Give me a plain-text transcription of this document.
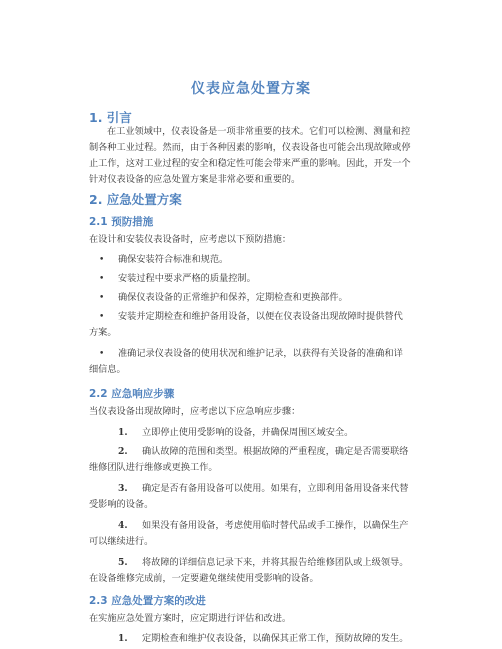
仪表应急处置方案
1. 引言

在工业领域中，仪表设备是一项非常重要的技术。它们可以检测、测量和控制各种工业过程。然而，由于各种因素的影响，仪表设备也可能会出现故障或停止工作，这对工业过程的安全和稳定性可能会带来严重的影响。因此，开发一个针对仪表设备的应急处置方案是非常必要和重要的。

2. 应急处置方案
2.1 预防措施

在设计和安装仪表设备时，应考虑以下预防措施：

• 确保安装符合标准和规范。

• 安装过程中要求严格的质量控制。

• 确保仪表设备的正常维护和保养，定期检查和更换部件。

• 安装并定期检查和维护备用设备，以便在仪表设备出现故障时提供替代方案。

• 准确记录仪表设备的使用状况和维护记录，以获得有关设备的准确和详细信息。

2.2 应急响应步骤

当仪表设备出现故障时，应考虑以下应急响应步骤：

1. 立即停止使用受影响的设备，并确保周围区域安全。

2. 确认故障的范围和类型。根据故障的严重程度，确定是否需要联络维修团队进行维修或更换工作。

3. 确定是否有备用设备可以使用。如果有，立即利用备用设备来代替受影响的设备。

4. 如果没有备用设备，考虑使用临时替代品或手工操作，以确保生产可以继续进行。

5. 将故障的详细信息记录下来，并将其报告给维修团队或上级领导。在设备维修完成前，一定要避免继续使用受影响的设备。

2.3 应急处置方案的改进

在实施应急处置方案时，应定期进行评估和改进。

1. 定期检查和维护仪表设备，以确保其正常工作，预防故障的发生。
